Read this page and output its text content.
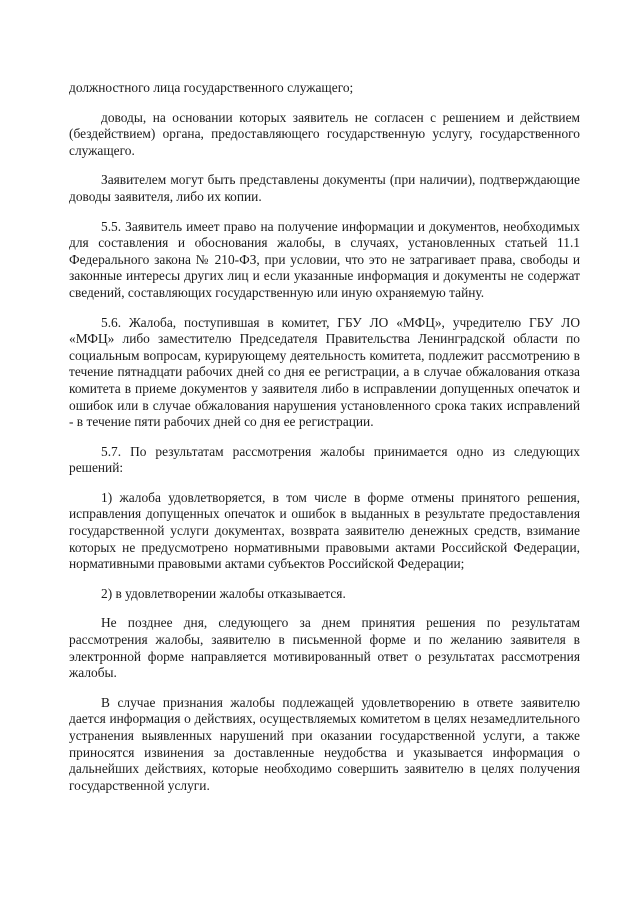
должностного лица государственного служащего;

доводы, на основании которых заявитель не согласен с решением и действием (бездействием) органа, предоставляющего государственную услугу, государственного служащего.

Заявителем могут быть представлены документы (при наличии), подтверждающие доводы заявителя, либо их копии.

5.5. Заявитель имеет право на получение информации и документов, необходимых для составления и обоснования жалобы, в случаях, установленных статьей 11.1 Федерального закона № 210-ФЗ, при условии, что это не затрагивает права, свободы и законные интересы других лиц и если указанные информация и документы не содержат сведений, составляющих государственную или иную охраняемую тайну.

5.6. Жалоба, поступившая в комитет, ГБУ ЛО «МФЦ», учредителю ГБУ ЛО «МФЦ» либо заместителю Председателя Правительства Ленинградской области по социальным вопросам, курирующему деятельность комитета, подлежит рассмотрению в течение пятнадцати рабочих дней со дня ее регистрации, а в случае обжалования отказа комитета в приеме документов у заявителя либо в исправлении допущенных опечаток и ошибок или в случае обжалования нарушения установленного срока таких исправлений - в течение пяти рабочих дней со дня ее регистрации.

5.7. По результатам рассмотрения жалобы принимается одно из следующих решений:

1) жалоба удовлетворяется, в том числе в форме отмены принятого решения, исправления допущенных опечаток и ошибок в выданных в результате предоставления государственной услуги документах, возврата заявителю денежных средств, взимание которых не предусмотрено нормативными правовыми актами Российской Федерации, нормативными правовыми актами субъектов Российской Федерации;

2) в удовлетворении жалобы отказывается.

Не позднее дня, следующего за днем принятия решения по результатам рассмотрения жалобы, заявителю в письменной форме и по желанию заявителя в электронной форме направляется мотивированный ответ о результатах рассмотрения жалобы.

В случае признания жалобы подлежащей удовлетворению в ответе заявителю дается информация о действиях, осуществляемых комитетом в целях незамедлительного устранения выявленных нарушений при оказании государственной услуги, а также приносятся извинения за доставленные неудобства и указывается информация о дальнейших действиях, которые необходимо совершить заявителю в целях получения государственной услуги.
